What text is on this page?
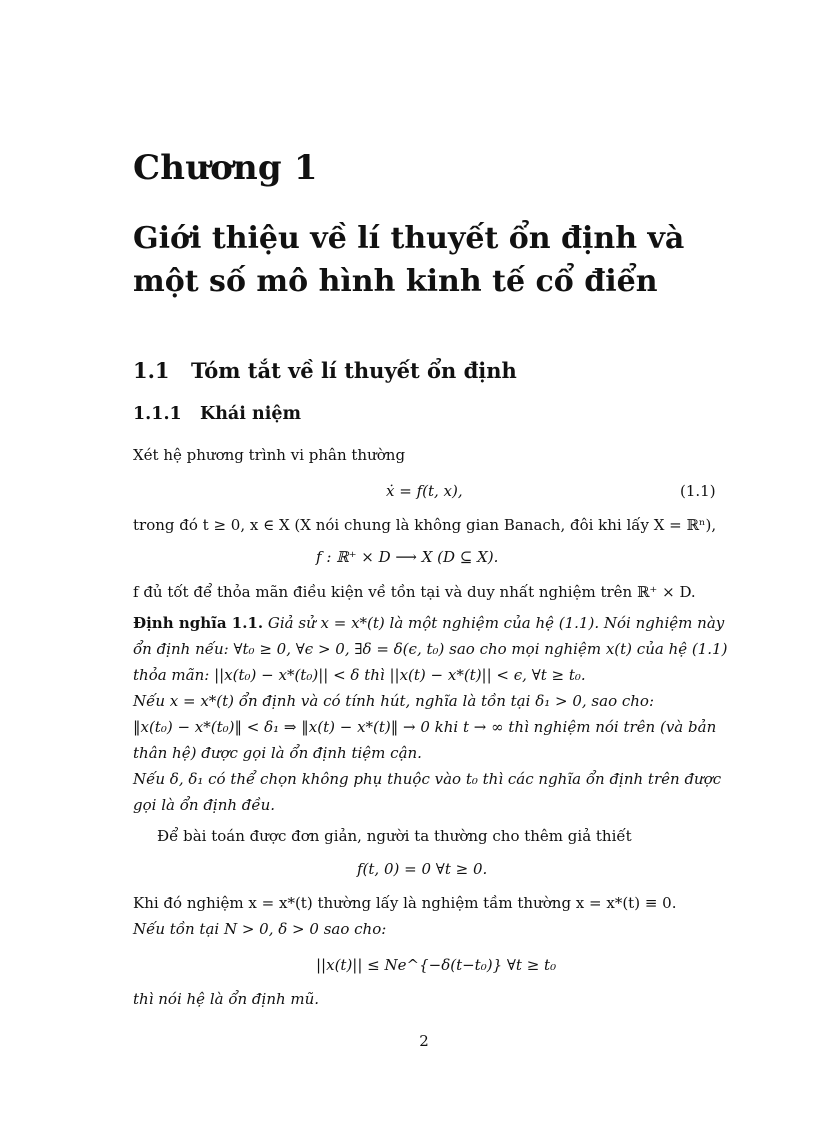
Chương 1
Giới thiệu về lí thuyết ổn định và
một số mô hình kinh tế cổ điển
1.1 Tóm tắt về lí thuyết ổn định
1.1.1 Khái niệm
Xét hệ phương trình vi phân thường
ẋ = f(t, x),	(1.1)
trong đó t ≥ 0, x ∈ X (X nói chung là không gian Banach, đôi khi lấy X = ℝⁿ),
f : ℝ⁺ × D ⟶ X (D ⊆ X).
f đủ tốt để thỏa mãn điều kiện về tồn tại và duy nhất nghiệm trên ℝ⁺ × D.
Định nghĩa 1.1. Giả sử x = x*(t) là một nghiệm của hệ (1.1). Nói nghiệm này
ổn định nếu: ∀t₀ ≥ 0, ∀ϵ > 0, ∃δ = δ(ϵ, t₀) sao cho mọi nghiệm x(t) của hệ (1.1)
thỏa mãn: ||x(t₀) − x*(t₀)|| < δ thì ||x(t) − x*(t)|| < ϵ, ∀t ≥ t₀.
Nếu x = x*(t) ổn định và có tính hút, nghĩa là tồn tại δ₁ > 0, sao cho:
‖x(t₀) − x*(t₀)‖ < δ₁ ⇒ ‖x(t) − x*(t)‖ → 0 khi t → ∞ thì nghiệm nói trên (và bản
thân hệ) được gọi là ổn định tiệm cận.
Nếu δ, δ₁ có thể chọn không phụ thuộc vào t₀ thì các nghĩa ổn định trên được
gọi là ổn định đều.
Để bài toán được đơn giản, người ta thường cho thêm giả thiết
f(t, 0) = 0 ∀t ≥ 0.
Khi đó nghiệm x = x*(t) thường lấy là nghiệm tầm thường x = x*(t) ≡ 0.
Nếu tồn tại N > 0, δ > 0 sao cho:
||x(t)|| ≤ Ne^{−δ(t−t₀)} ∀t ≥ t₀
thì nói hệ là ổn định mũ.
2
